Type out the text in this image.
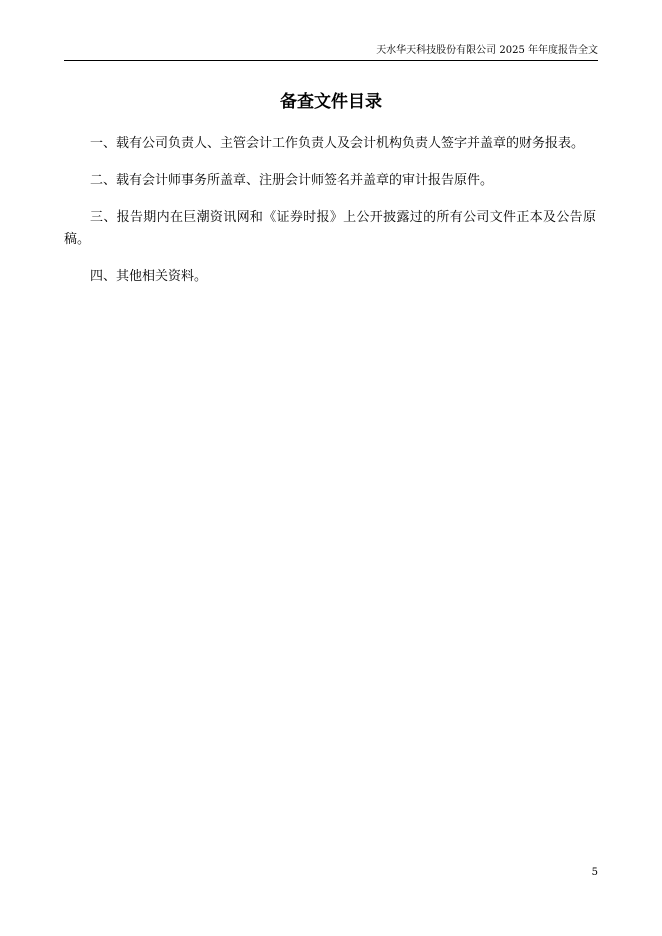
天水华天科技股份有限公司 2025 年年度报告全文
备查文件目录

一、载有公司负责人、主管会计工作负责人及会计机构负责人签字并盖章的财务报表。

二、载有会计师事务所盖章、注册会计师签名并盖章的审计报告原件。

三、报告期内在巨潮资讯网和《证券时报》上公开披露过的所有公司文件正本及公告原稿。

四、其他相关资料。

5
